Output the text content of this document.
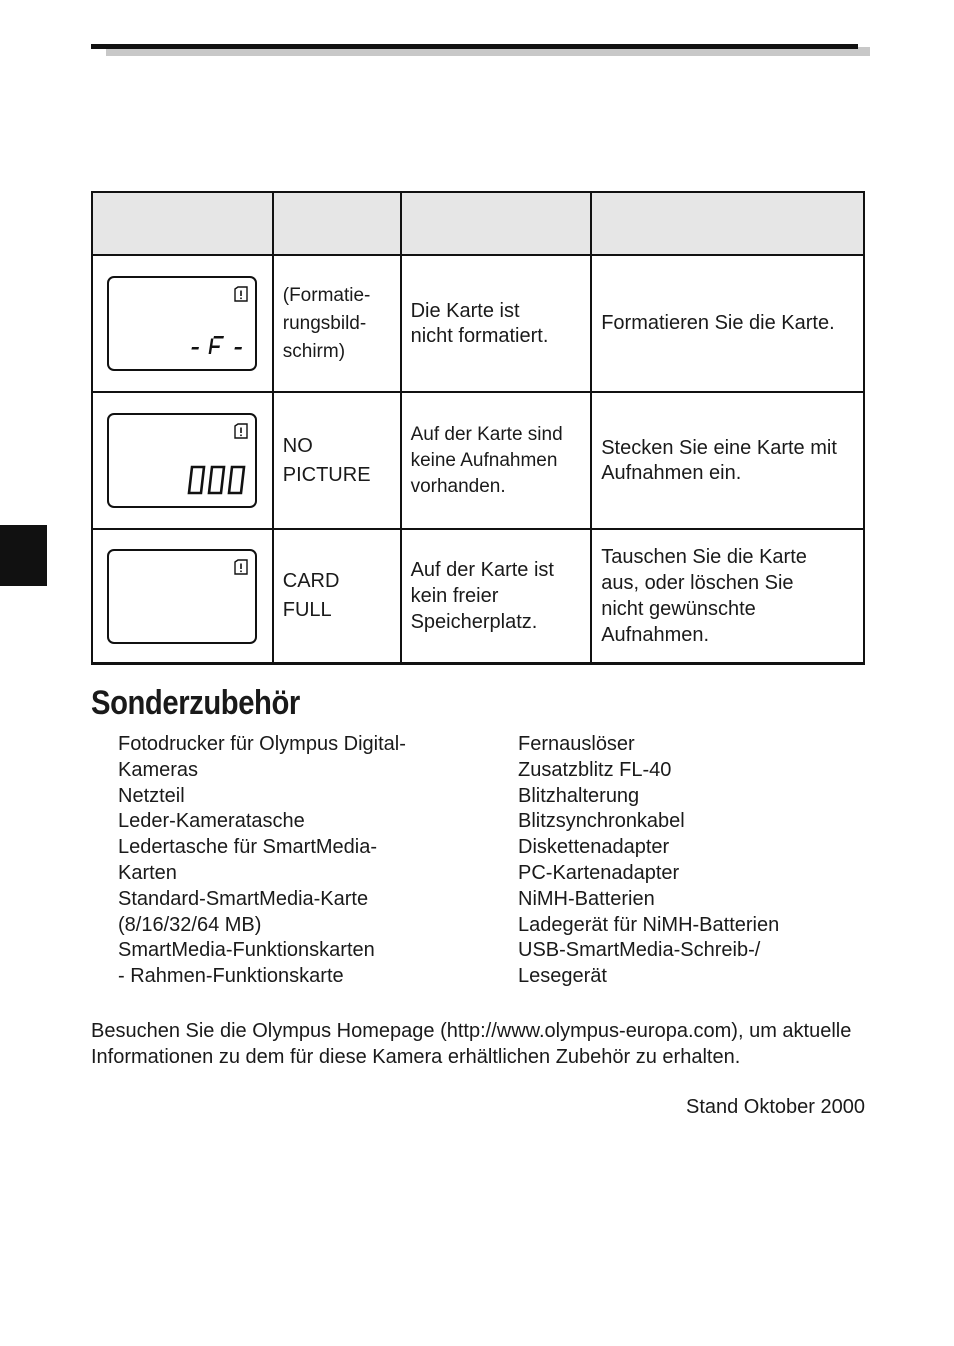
(Formatie-
rungsbild-
schirm)	Die Karte ist
nicht formatiert.	Formatieren Sie die Karte.

NO
PICTURE	Auf der Karte sind
keine Aufnahmen
vorhanden.	Stecken Sie eine Karte mit
Aufnahmen ein.

CARD
FULL	Auf der Karte ist
kein freier
Speicherplatz.	Tauschen Sie die Karte
aus, oder löschen Sie
nicht gewünschte
Aufnahmen.
Sonderzubehör
Fotodrucker für Olympus Digital-
Kameras
Netzteil
Leder-Kameratasche
Ledertasche für SmartMedia-
Karten
Standard-SmartMedia-Karte
(8/16/32/64 MB)
SmartMedia-Funktionskarten
- Rahmen-Funktionskarte
Fernauslöser
Zusatzblitz FL-40
Blitzhalterung
Blitzsynchronkabel
Diskettenadapter
PC-Kartenadapter
NiMH-Batterien
Ladegerät für NiMH-Batterien
USB-SmartMedia-Schreib-/
Lesegerät

Besuchen Sie die Olympus Homepage (http://www.olympus-europa.com), um aktuelle Informationen zu dem für diese Kamera erhältlichen Zubehör zu erhalten.

Stand Oktober 2000
